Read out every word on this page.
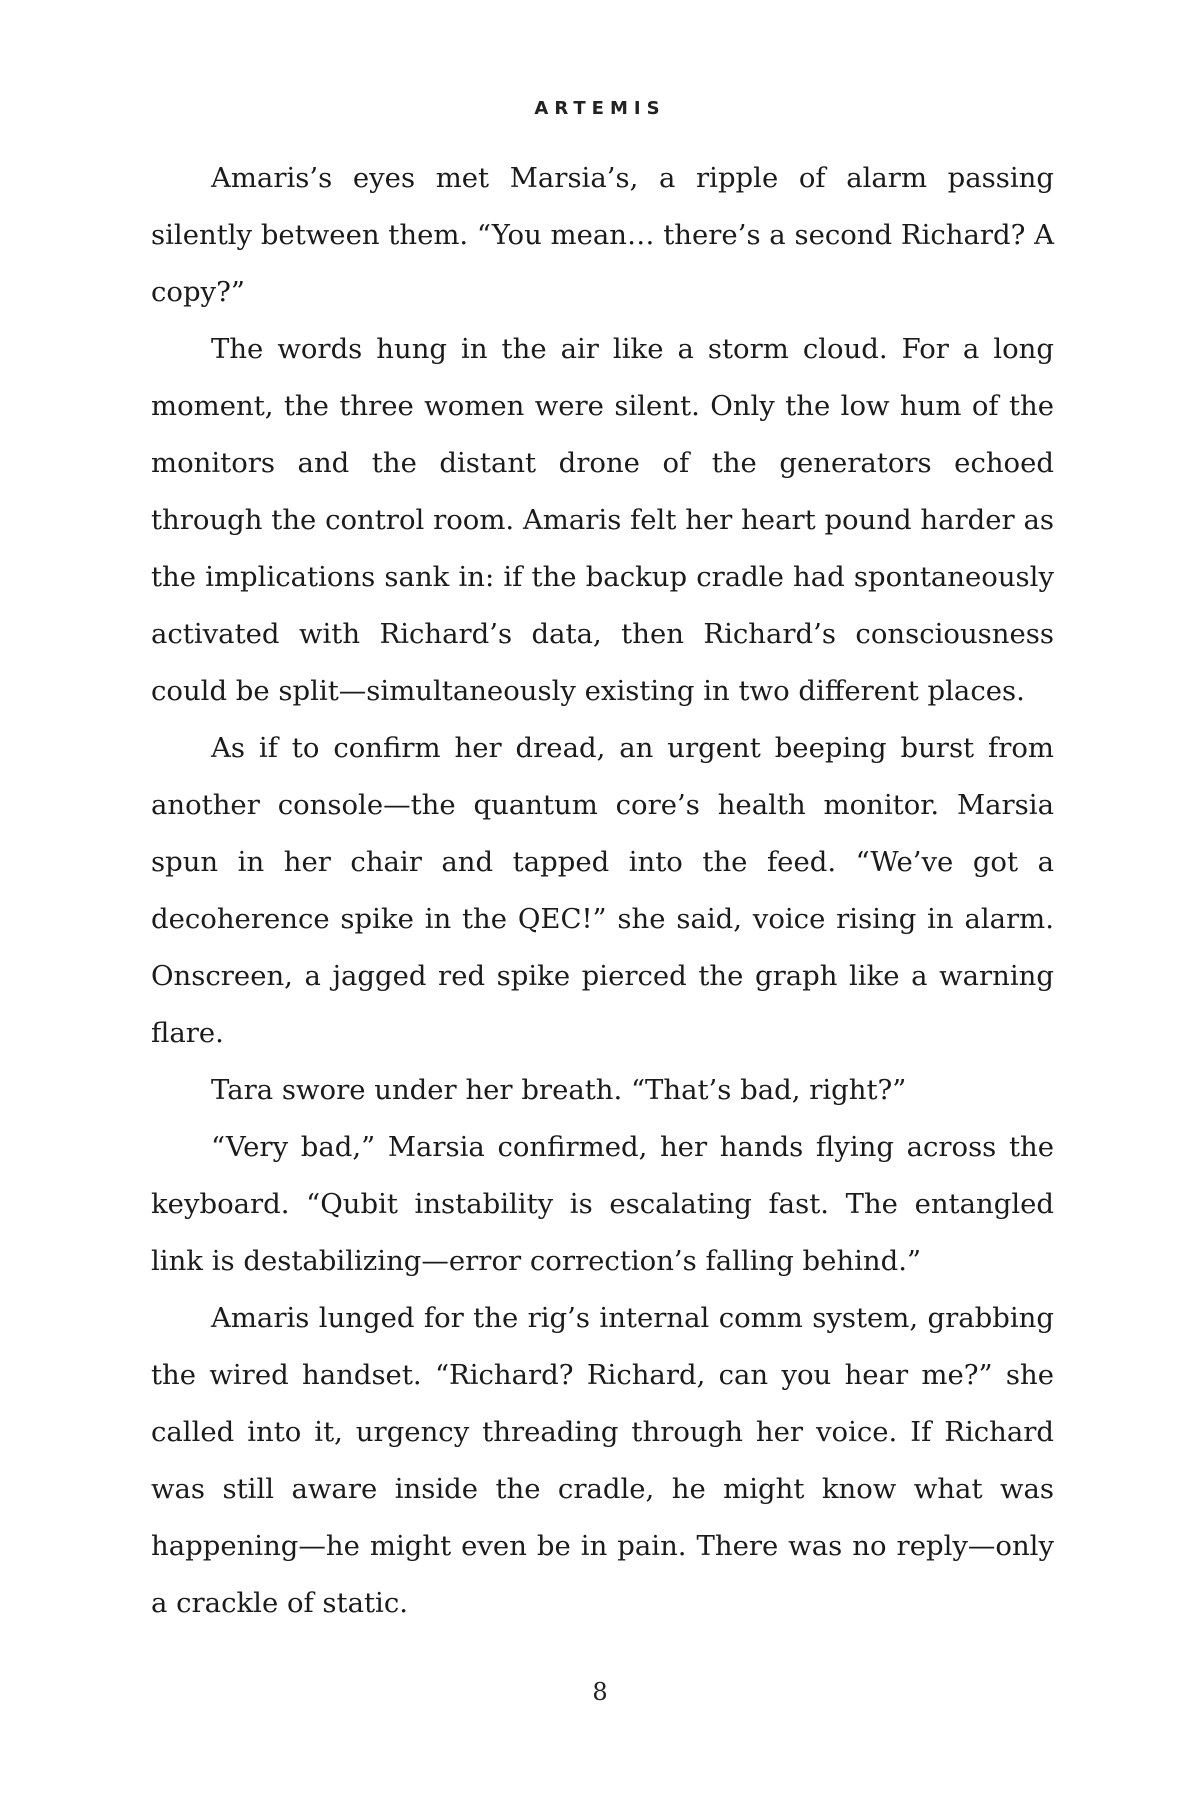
ARTEMIS

Amaris’s eyes met Marsia’s, a ripple of alarm passing silently between them. “You mean… there’s a second Richard? A copy?”

The words hung in the air like a storm cloud. For a long moment, the three women were silent. Only the low hum of the monitors and the distant drone of the generators echoed through the control room. Amaris felt her heart pound harder as the implications sank in: if the backup cradle had spontaneously activated with Richard’s data, then Richard’s consciousness could be split—simultaneously existing in two different places.

As if to confirm her dread, an urgent beeping burst from another console—the quantum core’s health monitor. Marsia spun in her chair and tapped into the feed. “We’ve got a decoherence spike in the QEC!” she said, voice rising in alarm. Onscreen, a jagged red spike pierced the graph like a warning flare.

Tara swore under her breath. “That’s bad, right?”

“Very bad,” Marsia confirmed, her hands flying across the keyboard. “Qubit instability is escalating fast. The entangled link is destabilizing—error correction’s falling behind.”

Amaris lunged for the rig’s internal comm system, grabbing the wired handset. “Richard? Richard, can you hear me?” she called into it, urgency threading through her voice. If Richard was still aware inside the cradle, he might know what was happening—he might even be in pain. There was no reply—only a crackle of static.

8
